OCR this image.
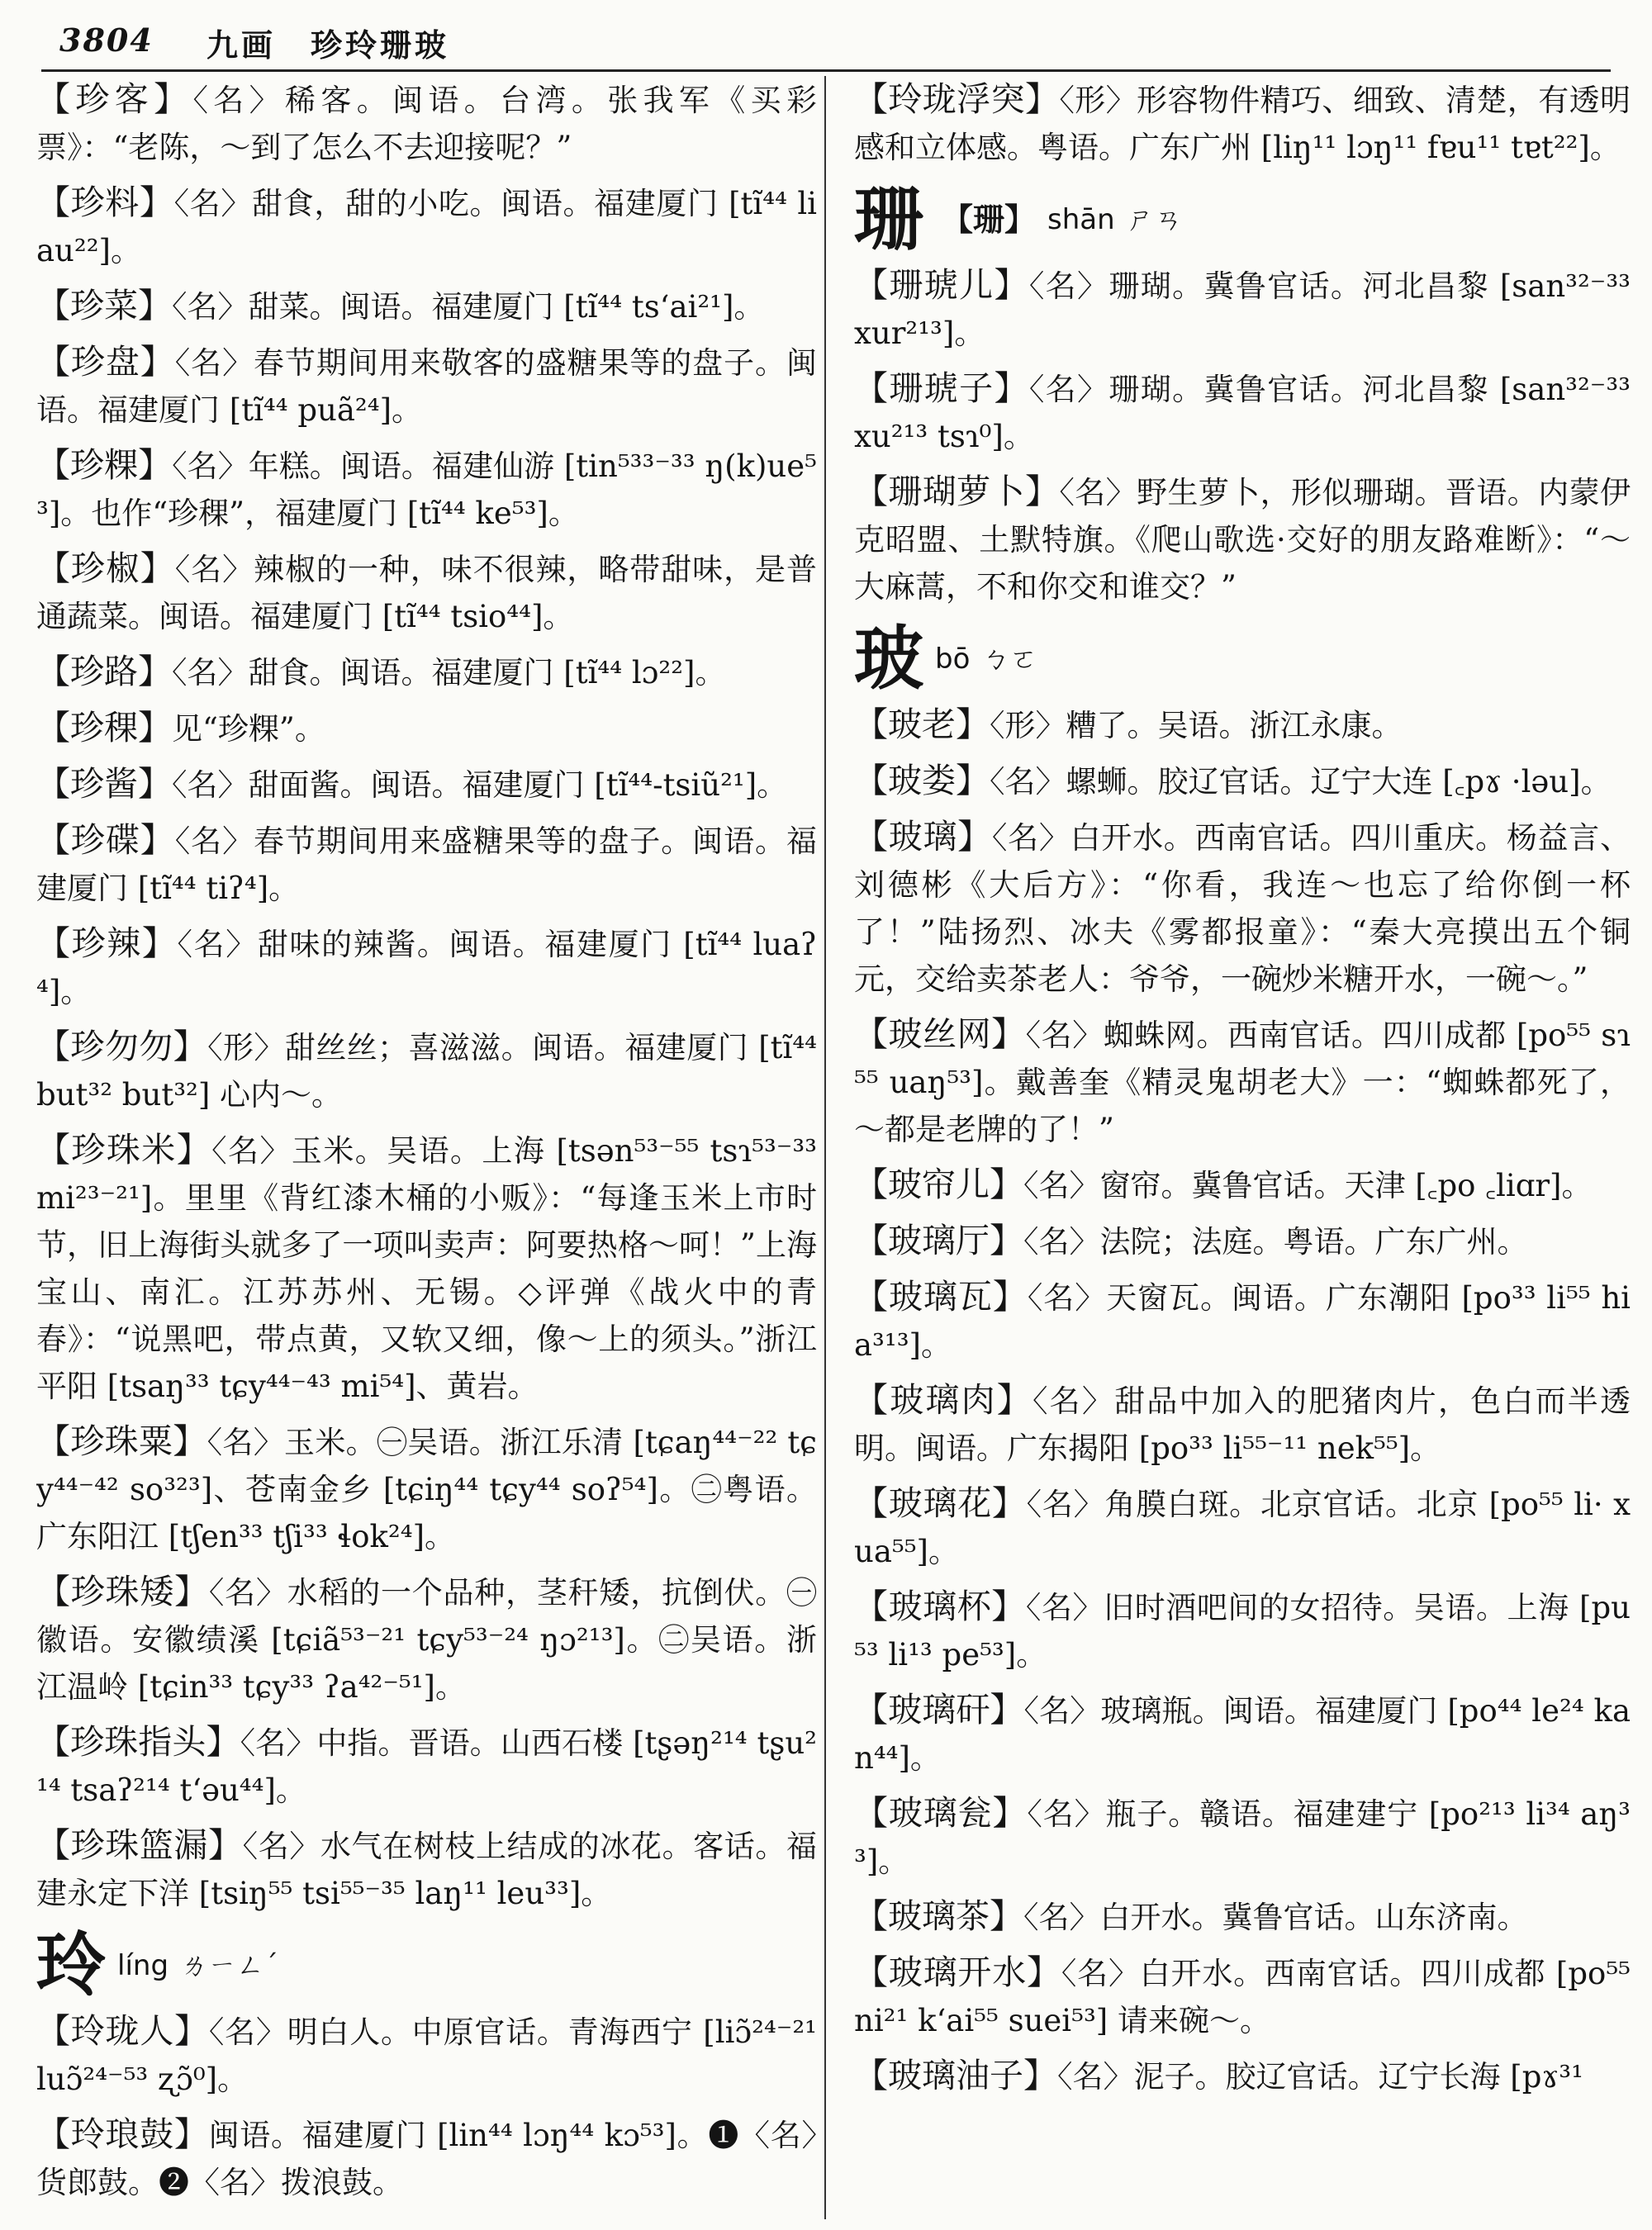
3804 九画　珍玲珊玻
【珍客】〈名〉稀客。闽语。台湾。张我军《买彩票》：“老陈，～到了怎么不去迎接呢？”
【珍料】〈名〉甜食，甜的小吃。闽语。福建厦门 [tĩ⁴⁴ liau²²]。
【珍菜】〈名〉甜菜。闽语。福建厦门 [tĩ⁴⁴ tsʻai²¹]。
【珍盘】〈名〉春节期间用来敬客的盛糖果等的盘子。闽语。福建厦门 [tĩ⁴⁴ puã²⁴]。
【珍粿】〈名〉年糕。闽语。福建仙游 [tin⁵³³⁻³³ ŋ(k)ue⁵³]。也作“珍稞”，福建厦门 [tĩ⁴⁴ ke⁵³]。
【珍椒】〈名〉辣椒的一种，味不很辣，略带甜味，是普通蔬菜。闽语。福建厦门 [tĩ⁴⁴ tsio⁴⁴]。
【珍路】〈名〉甜食。闽语。福建厦门 [tĩ⁴⁴ lɔ²²]。
【珍稞】见“珍粿”。
【珍酱】〈名〉甜面酱。闽语。福建厦门 [tĩ⁴⁴-tsiũ²¹]。
【珍碟】〈名〉春节期间用来盛糖果等的盘子。闽语。福建厦门 [tĩ⁴⁴ tiʔ⁴]。
【珍辣】〈名〉甜味的辣酱。闽语。福建厦门 [tĩ⁴⁴ luaʔ⁴]。
【珍勿勿】〈形〉甜丝丝；喜滋滋。闽语。福建厦门 [tĩ⁴⁴ but³² but³²] 心内～。
【珍珠米】〈名〉玉米。吴语。上海 [tsən⁵³⁻⁵⁵ tsɿ⁵³⁻³³ mi²³⁻²¹]。里里《背红漆木桶的小贩》：“每逢玉米上市时节，旧上海街头就多了一项叫卖声：阿要热格～呵！”上海宝山、南汇。江苏苏州、无锡。◇评弹《战火中的青春》：“说黑吧，带点黄，又软又细，像～上的须头。”浙江平阳 [tsaŋ³³ tɕy⁴⁴⁻⁴³ mi⁵⁴]、黄岩。
【珍珠粟】〈名〉玉米。㊀吴语。浙江乐清 [tɕaŋ⁴⁴⁻²² tɕy⁴⁴⁻⁴² so³²³]、苍南金乡 [tɕiŋ⁴⁴ tɕy⁴⁴ soʔ⁵⁴]。㊁粤语。广东阳江 [tʃen³³ tʃi³³ ɬok²⁴]。
【珍珠矮】〈名〉水稻的一个品种，茎秆矮，抗倒伏。㊀徽语。安徽绩溪 [tɕiã⁵³⁻²¹ tɕy⁵³⁻²⁴ ŋɔ²¹³]。㊁吴语。浙江温岭 [tɕin³³ tɕy³³ ʔa⁴²⁻⁵¹]。
【珍珠指头】〈名〉中指。晋语。山西石楼 [tʂəŋ²¹⁴ tʂu²¹⁴ tsaʔ²¹⁴ tʻəu⁴⁴]。
【珍珠篮漏】〈名〉水气在树枝上结成的冰花。客话。福建永定下洋 [tsiŋ⁵⁵ tsi⁵⁵⁻³⁵ laŋ¹¹ leu³³]。
玲líng ㄌㄧㄥˊ
【玲珑人】〈名〉明白人。中原官话。青海西宁 [liɔ̃²⁴⁻²¹ luɔ̃²⁴⁻⁵³ ʐɔ̃⁰]。
【玲琅鼓】闽语。福建厦门 [lin⁴⁴ lɔŋ⁴⁴ kɔ⁵³]。❶〈名〉货郎鼓。❷〈名〉拨浪鼓。
【玲珑浮突】〈形〉形容物件精巧、细致、清楚，有透明感和立体感。粤语。广东广州 [liŋ¹¹ lɔŋ¹¹ fɐu¹¹ tɐt²²]。
珊 【珊】 shān ㄕㄢ
【珊琥儿】〈名〉珊瑚。冀鲁官话。河北昌黎 [san³²⁻³³ xur²¹³]。
【珊琥子】〈名〉珊瑚。冀鲁官话。河北昌黎 [san³²⁻³³ xu²¹³ tsɿ⁰]。
【珊瑚萝卜】〈名〉野生萝卜，形似珊瑚。晋语。内蒙伊克昭盟、土默特旗。《爬山歌选·交好的朋友路难断》：“～大麻蒿，不和你交和谁交？”
玻bō ㄅㄛ
【玻老】〈形〉糟了。吴语。浙江永康。
【玻娄】〈名〉螺蛳。胶辽官话。辽宁大连 [꜀pɤ ·ləu]。
【玻璃】〈名〉白开水。西南官话。四川重庆。杨益言、刘德彬《大后方》：“你看，我连～也忘了给你倒一杯了！”陆扬烈、冰夫《雾都报童》：“秦大亮摸出五个铜元，交给卖茶老人：爷爷，一碗炒米糖开水，一碗～。”
【玻丝网】〈名〉蜘蛛网。西南官话。四川成都 [po⁵⁵ sɿ⁵⁵ uaŋ⁵³]。戴善奎《精灵鬼胡老大》一：“蜘蛛都死了，～都是老牌的了！”
【玻帘儿】〈名〉窗帘。冀鲁官话。天津 [꜀po ꜀liɑr]。
【玻璃厅】〈名〉法院；法庭。粤语。广东广州。
【玻璃瓦】〈名〉天窗瓦。闽语。广东潮阳 [po³³ li⁵⁵ hia³¹³]。
【玻璃肉】〈名〉甜品中加入的肥猪肉片，色白而半透明。闽语。广东揭阳 [po³³ li⁵⁵⁻¹¹ nek⁵⁵]。
【玻璃花】〈名〉角膜白斑。北京官话。北京 [po⁵⁵ li· xua⁵⁵]。
【玻璃杯】〈名〉旧时酒吧间的女招待。吴语。上海 [pu⁵³ li¹³ pe⁵³]。
【玻璃矸】〈名〉玻璃瓶。闽语。福建厦门 [po⁴⁴ le²⁴ kan⁴⁴]。
【玻璃瓮】〈名〉瓶子。赣语。福建建宁 [po²¹³ li³⁴ aŋ³³]。
【玻璃茶】〈名〉白开水。冀鲁官话。山东济南。
【玻璃开水】〈名〉白开水。西南官话。四川成都 [po⁵⁵ ni²¹ kʻai⁵⁵ suei⁵³] 请来碗～。
【玻璃油子】〈名〉泥子。胶辽官话。辽宁长海 [pɤ³¹
